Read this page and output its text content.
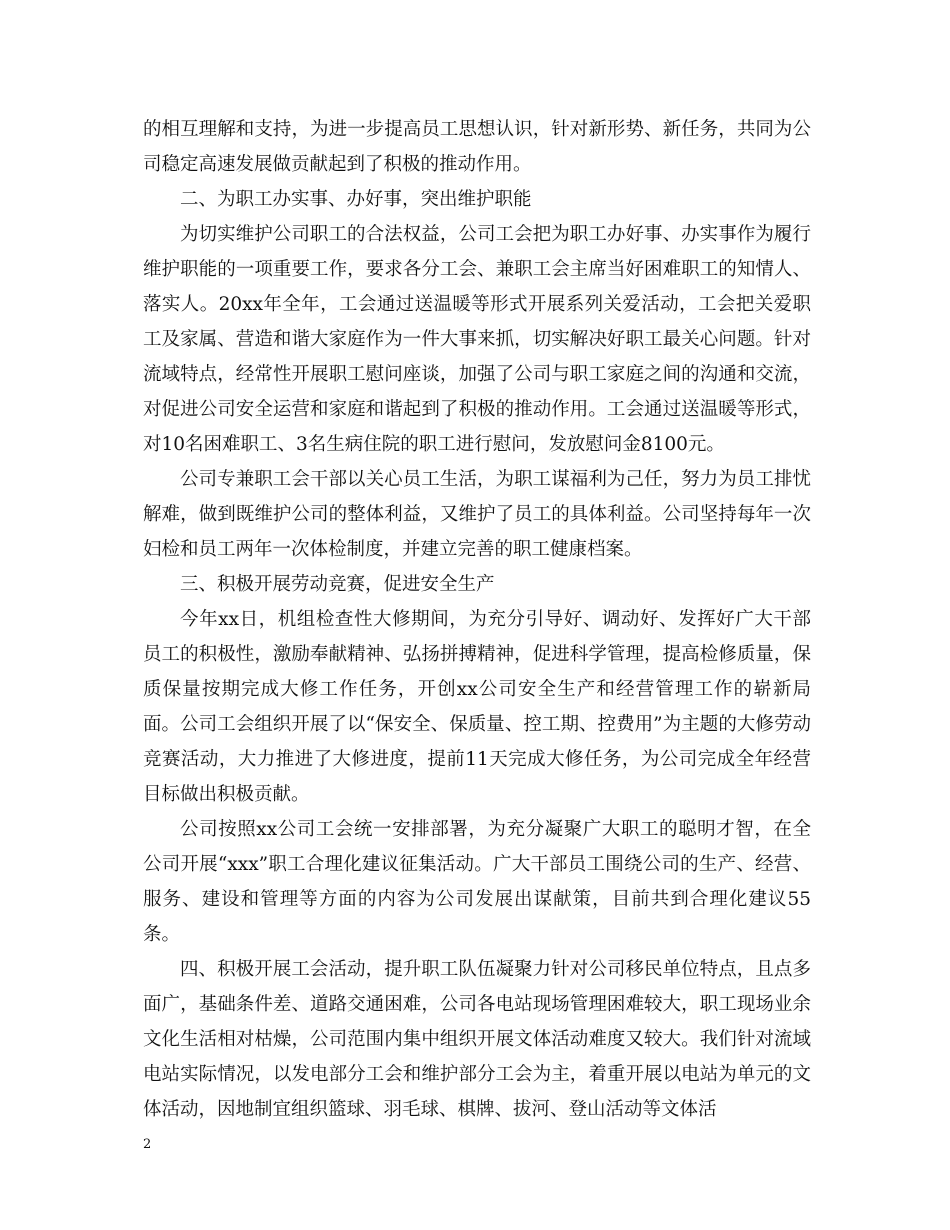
的相互理解和支持，为进一步提高员工思想认识，针对新形势、新任务，共同为公司稳定高速发展做贡献起到了积极的推动作用。

二、为职工办实事、办好事，突出维护职能

为切实维护公司职工的合法权益，公司工会把为职工办好事、办实事作为履行维护职能的一项重要工作，要求各分工会、兼职工会主席当好困难职工的知情人、落实人。20xx年全年，工会通过送温暖等形式开展系列关爱活动，工会把关爱职工及家属、营造和谐大家庭作为一件大事来抓，切实解决好职工最关心问题。针对流域特点，经常性开展职工慰问座谈，加强了公司与职工家庭之间的沟通和交流，对促进公司安全运营和家庭和谐起到了积极的推动作用。工会通过送温暖等形式，对10名困难职工、3名生病住院的职工进行慰问，发放慰问金8100元。

公司专兼职工会干部以关心员工生活，为职工谋福利为己任，努力为员工排忧解难，做到既维护公司的整体利益，又维护了员工的具体利益。公司坚持每年一次妇检和员工两年一次体检制度，并建立完善的职工健康档案。

三、积极开展劳动竞赛，促进安全生产

今年xx日，机组检查性大修期间，为充分引导好、调动好、发挥好广大干部员工的积极性，激励奉献精神、弘扬拼搏精神，促进科学管理，提高检修质量，保质保量按期完成大修工作任务，开创xx公司安全生产和经营管理工作的崭新局面。公司工会组织开展了以“保安全、保质量、控工期、控费用”为主题的大修劳动竞赛活动，大力推进了大修进度，提前11天完成大修任务，为公司完成全年经营目标做出积极贡献。

公司按照xx公司工会统一安排部署，为充分凝聚广大职工的聪明才智，在全公司开展“xxx”职工合理化建议征集活动。广大干部员工围绕公司的生产、经营、服务、建设和管理等方面的内容为公司发展出谋献策，目前共到合理化建议55条。

四、积极开展工会活动，提升职工队伍凝聚力针对公司移民单位特点，且点多面广，基础条件差、道路交通困难，公司各电站现场管理困难较大，职工现场业余文化生活相对枯燥，公司范围内集中组织开展文体活动难度又较大。我们针对流域电站实际情况，以发电部分工会和维护部分工会为主，着重开展以电站为单元的文体活动，因地制宜组织篮球、羽毛球、棋牌、拔河、登山活动等文体活

2
